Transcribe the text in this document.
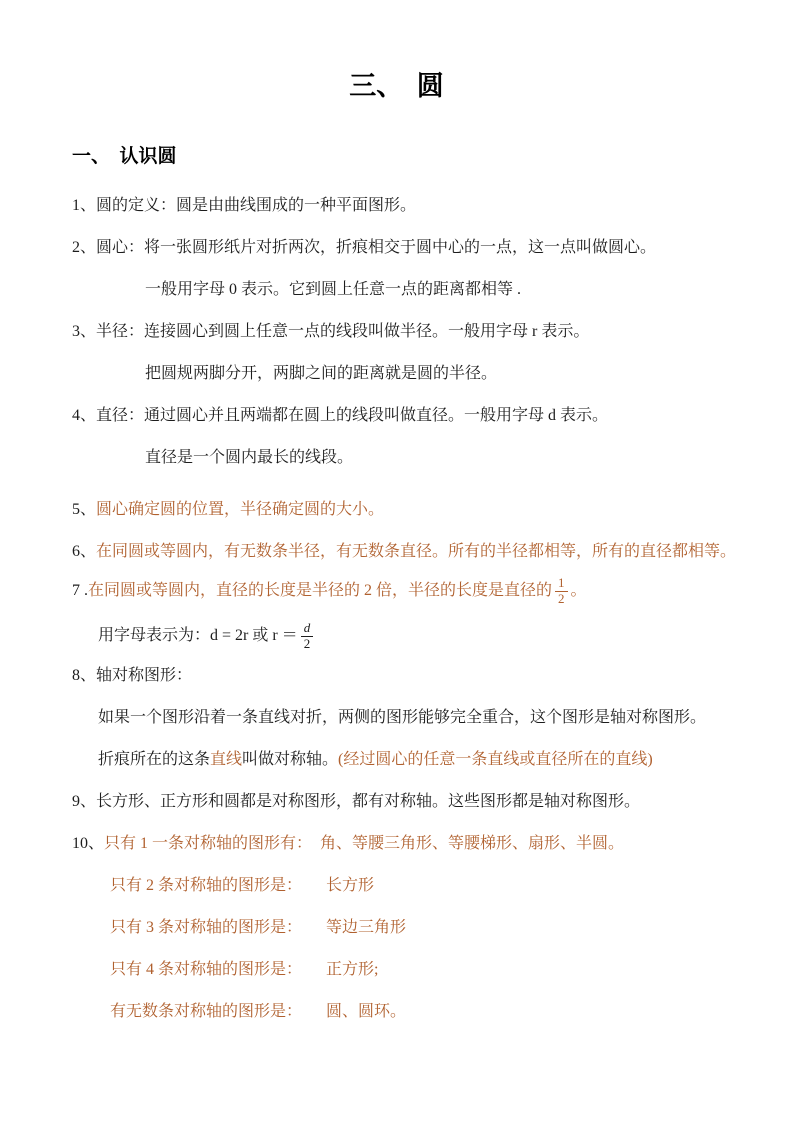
三、　圆
一、　认识圆

1、圆的定义：圆是由曲线围成的一种平面图形。

2、圆心：将一张圆形纸片对折两次，折痕相交于圆中心的一点，这一点叫做圆心。

一般用字母 0 表示。它到圆上任意一点的距离都相等 .

3、半径：连接圆心到圆上任意一点的线段叫做半径。一般用字母 r 表示。

把圆规两脚分开，两脚之间的距离就是圆的半径。

4、直径：通过圆心并且两端都在圆上的线段叫做直径。一般用字母 d 表示。

直径是一个圆内最长的线段。

5、圆心确定圆的位置，半径确定圆的大小。

6、在同圆或等圆内，有无数条半径，有无数条直径。所有的半径都相等，所有的直径都相等。

7 .在同圆或等圆内，直径的长度是半径的 2 倍，半径的长度是直径的 $\frac{1}{2}$ 。

用字母表示为：d = 2r 或 $r = \frac{d}{2}$

8、轴对称图形：

如果一个图形沿着一条直线对折，两侧的图形能够完全重合，这个图形是轴对称图形。

折痕所在的这条直线叫做对称轴。(经过圆心的任意一条直线或直径所在的直线)

9、长方形、正方形和圆都是对称图形，都有对称轴。这些图形都是轴对称图形。

10、只有 1 一条对称轴的图形有：　角、等腰三角形、等腰梯形、扇形、半圆。

只有 2 条对称轴的图形是：　　长方形

只有 3 条对称轴的图形是：　　等边三角形

只有 4 条对称轴的图形是：　　正方形;

有无数条对称轴的图形是：　　圆、圆环。
